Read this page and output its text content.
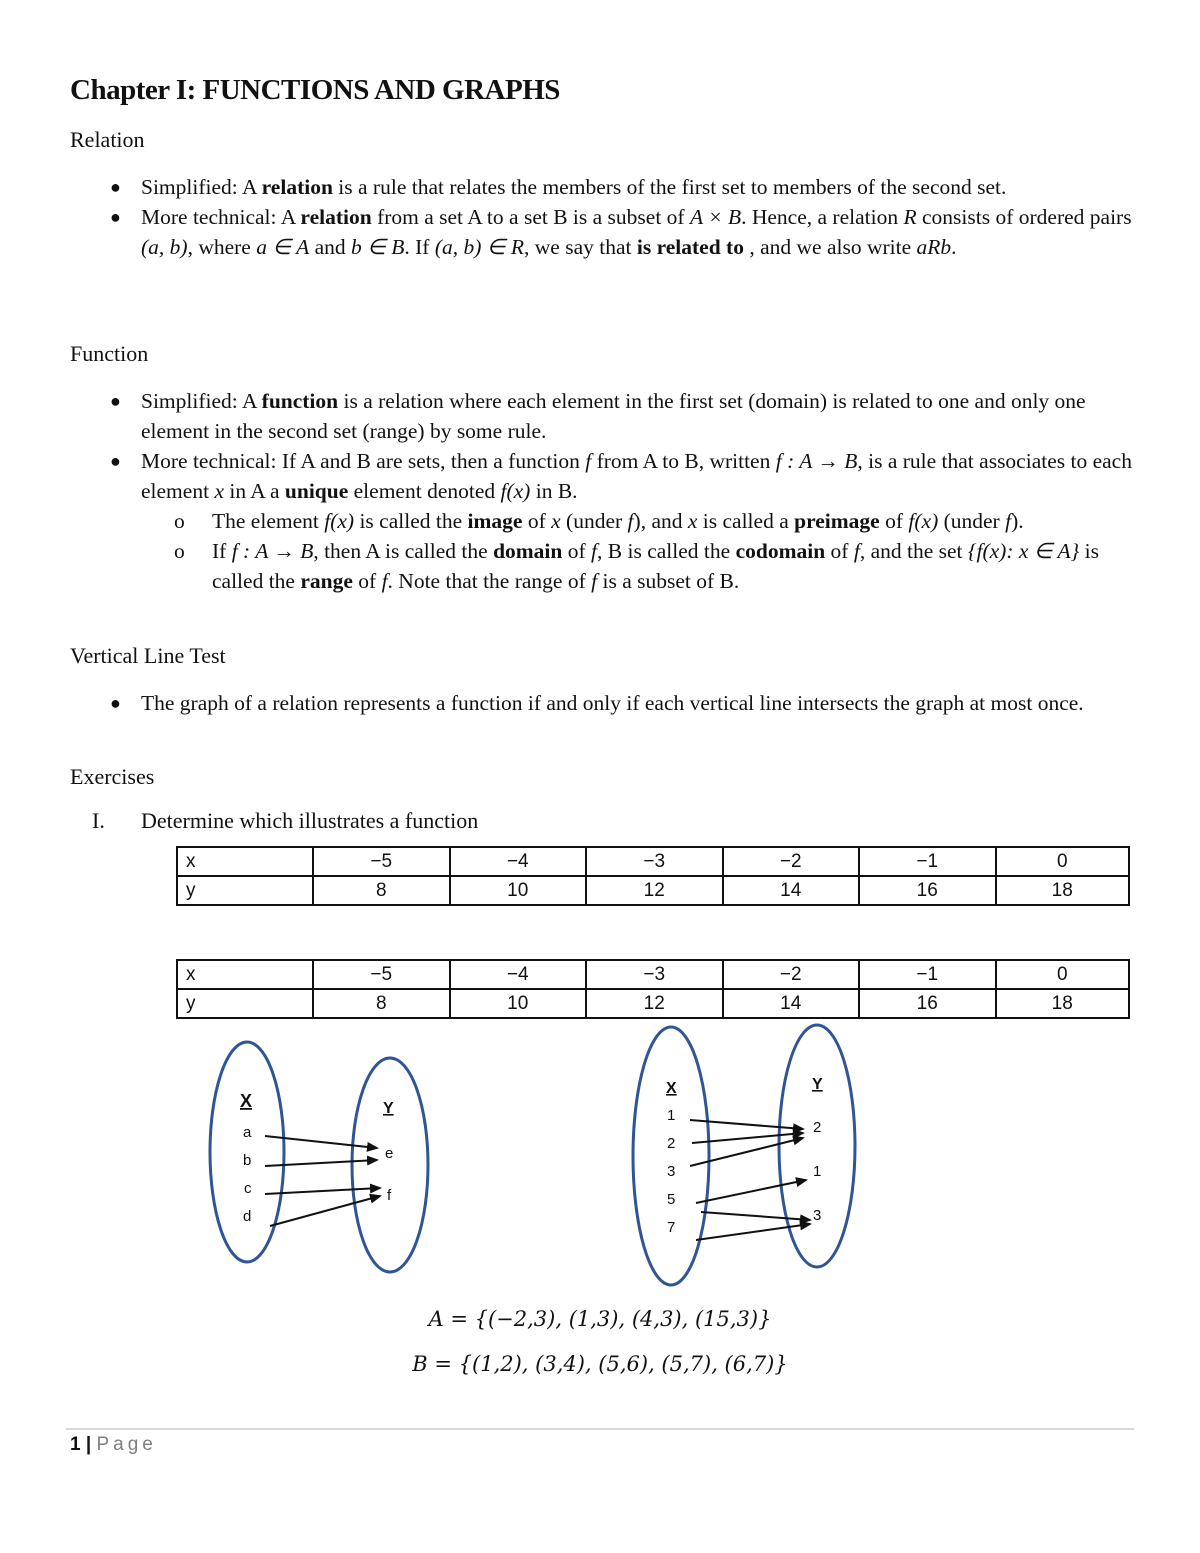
Chapter I: FUNCTIONS AND GRAPHS
Relation
● Simplified: A relation is a rule that relates the members of the first set to members of the second set.
● More technical: A relation from a set A to a set B is a subset of A × B. Hence, a relation R consists of ordered pairs (a, b), where a ∈ A and b ∈ B. If (a, b) ∈ R, we say that is related to , and we also write aRb.
Function
● Simplified: A function is a relation where each element in the first set (domain) is related to one and only one element in the second set (range) by some rule.
● More technical: If A and B are sets, then a function f from A to B, written f : A → B, is a rule that associates to each element x in A a unique element denoted f(x) in B.
o The element f(x) is called the image of x (under f), and x is called a preimage of f(x) (under f).
o If f : A → B, then A is called the domain of f, B is called the codomain of f, and the set {f(x): x ∈ A} is called the range of f. Note that the range of f is a subset of B.
Vertical Line Test
● The graph of a relation represents a function if and only if each vertical line intersects the graph at most once.
Exercises
I. Determine which illustrates a function
x	−5	−4	−3	−2	−1	0
y	8	10	12	14	16	18
x	−5	−4	−3	−2	−1	0
y	8	10	12	14	16	18
X	Y
a
b
c
d
e
f
X	Y
1
2
3
5
7
2
1
3
A = {(−2,3), (1,3), (4,3), (15,3)}
B = {(1,2), (3,4), (5,6), (5,7), (6,7)}
1 | Page
